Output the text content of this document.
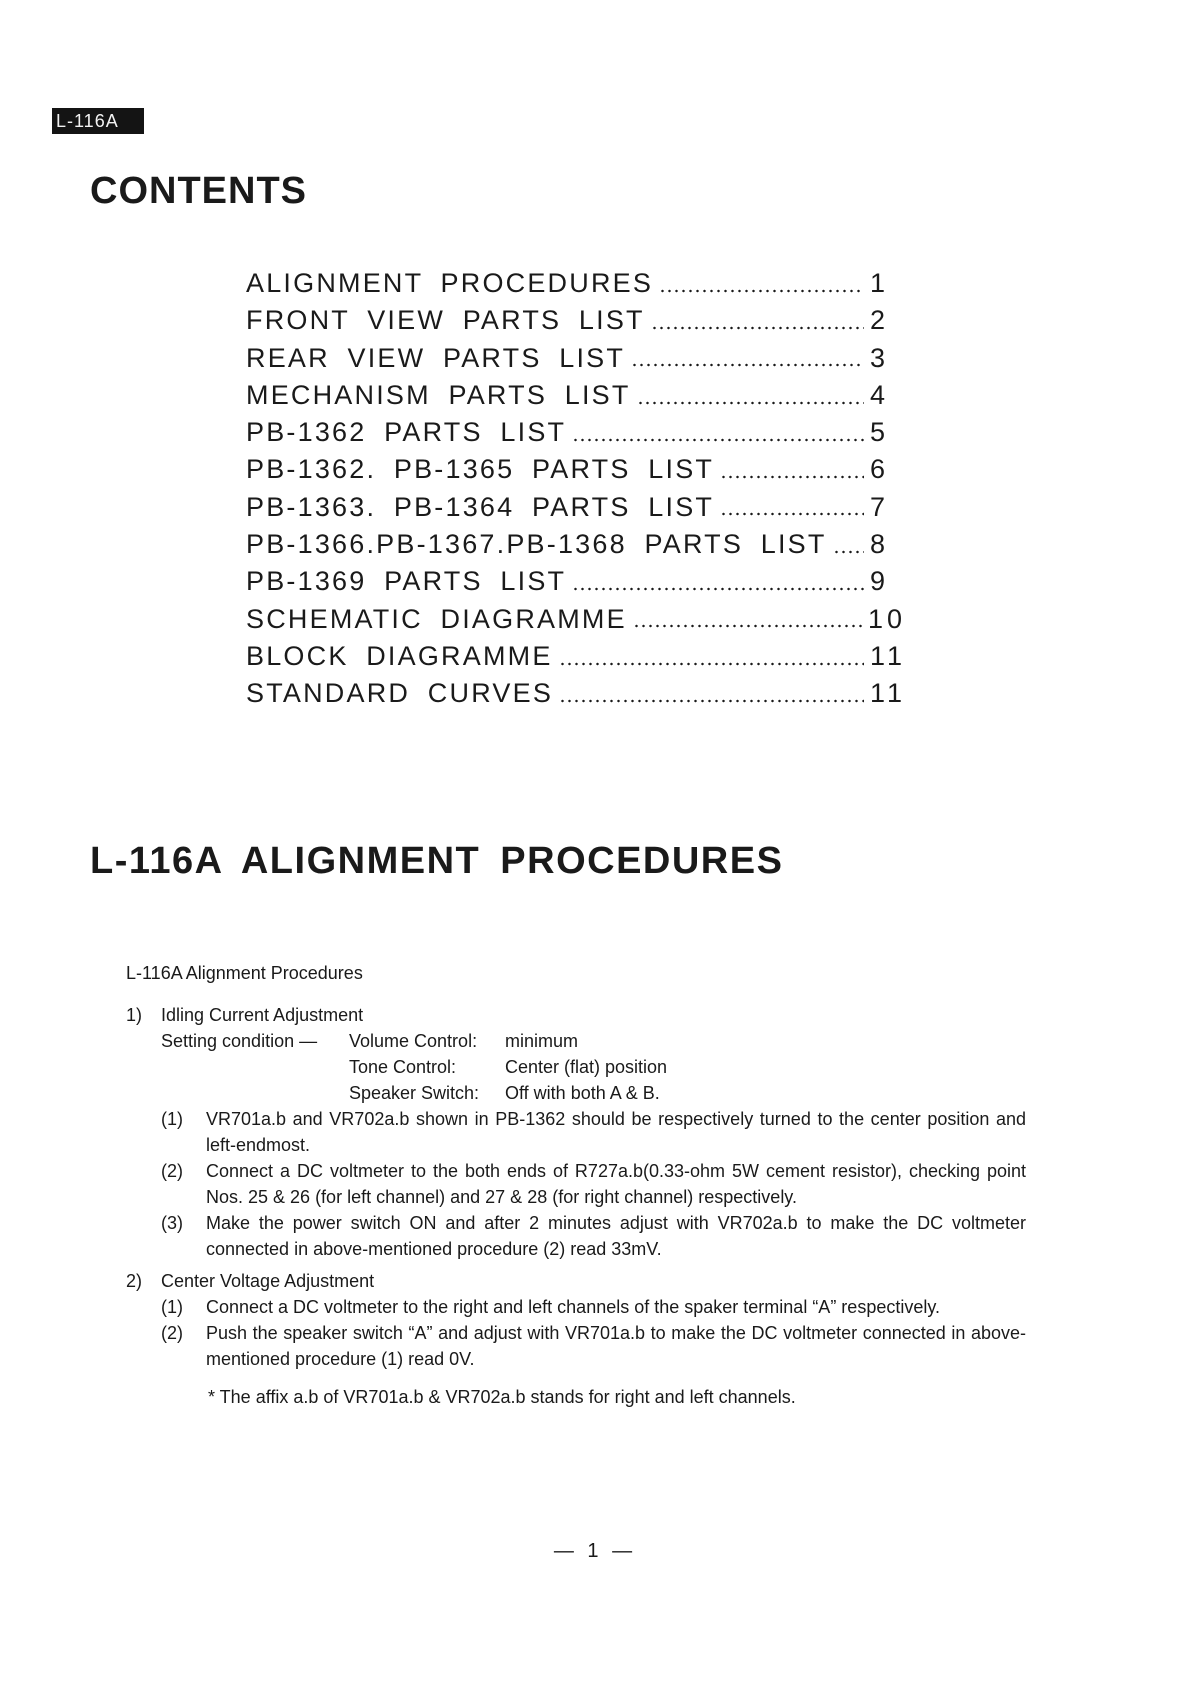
L-116A
CONTENTS
ALIGNMENT PROCEDURES	1
FRONT VIEW PARTS LIST	2
REAR VIEW PARTS LIST	3
MECHANISM PARTS LIST	4
PB-1362 PARTS LIST	5
PB-1362. PB-1365 PARTS LIST	6
PB-1363. PB-1364 PARTS LIST	7
PB-1366.PB-1367.PB-1368 PARTS LIST 8
PB-1369 PARTS LIST	9
SCHEMATIC DIAGRAMME	10
BLOCK DIAGRAMME	11
STANDARD CURVES	11
L-116A ALIGNMENT PROCEDURES

L-116A Alignment Procedures

1)	Idling Current Adjustment
Setting condition —	Volume Control:	minimum
Tone Control:	Center (flat) position
Speaker Switch:	Off with both A & B.
(1)	VR701a.b and VR702a.b shown in PB-1362 should be respectively turned to the center position and left-endmost.
(2)	Connect a DC voltmeter to the both ends of R727a.b(0.33-ohm 5W cement resistor), checking point Nos. 25 & 26 (for left channel) and 27 & 28 (for right channel) respectively.
(3)	Make the power switch ON and after 2 minutes adjust with VR702a.b to make the DC voltmeter connected in above-mentioned procedure (2) read 33mV.
2)	Center Voltage Adjustment
(1)	Connect a DC voltmeter to the right and left channels of the spaker terminal “A” respectively.
(2)	Push the speaker switch “A” and adjust with VR701a.b to make the DC voltmeter connected in above-mentioned procedure (1) read 0V.

* The affix a.b of VR701a.b & VR702a.b stands for right and left channels.

— 1 —
